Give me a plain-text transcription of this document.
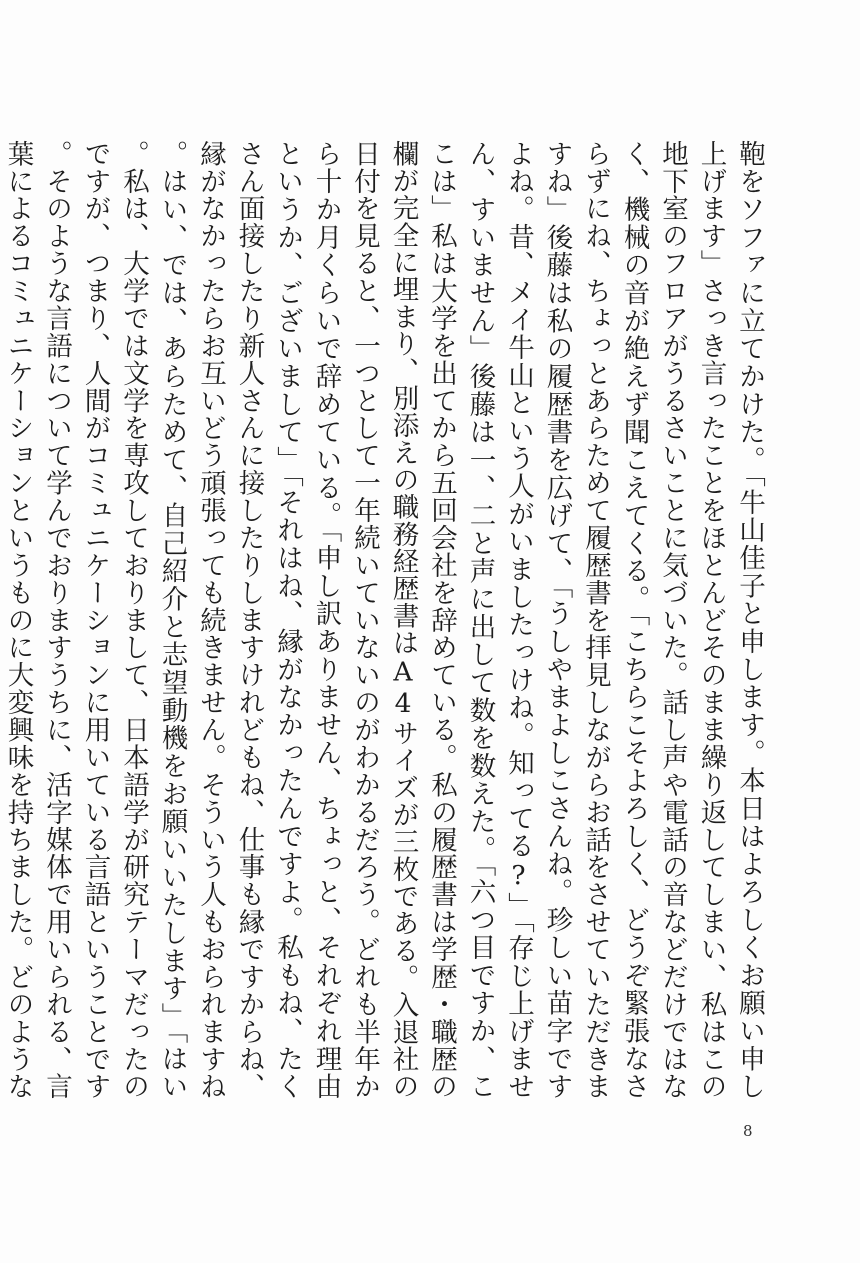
鞄をソファに立てかけた。「牛山佳子と申します。本日はよろしくお願い申し上げます」さっき言ったことをほとんどそのまま繰り返してしまい、私はこの地下室のフロアがうるさいことに気づいた。話し声や電話の音などだけではなく、機械の音が絶えず聞こえてくる。「こちらこそよろしく、どうぞ緊張なさらずにね、ちょっとあらためて履歴書を拝見しながらお話をさせていただきますね」後藤は私の履歴書を広げて、「うしやまよしこさんね。珍しい苗字ですよね。昔、メイ牛山という人がいましたっけね。知ってる?」「存じ上げません、すいません」後藤は一、二と声に出して数を数えた。「六つ目ですか、ここは」私は大学を出てから五回会社を辞めている。私の履歴書は学歴・職歴の欄が完全に埋まり、別添えの職務経歴書はA4サイズが三枚である。入退社の日付を見ると、一つとして一年続いていないのがわかるだろう。どれも半年から十か月くらいで辞めている。「申し訳ありません、ちょっと、それぞれ理由というか、ございまして」「それはね、縁がなかったんですよ。私もね、たくさん面接したり新人さんに接したりしますけれどもね、仕事も縁ですからね、縁がなかったらお互いどう頑張っても続きません。そういう人もおられますね。はい、では、あらためて、自己紹介と志望動機をお願いいたします」「はい。私は、大学では文学を専攻しておりまして、日本語学が研究テーマだったのですが、つまり、人間がコミュニケーションに用いている言語ということです。そのような言語について学んでおりますうちに、活字媒体で用いられる、言葉によるコミュニケーションというものに大変興味を持ちました。どのような
8
